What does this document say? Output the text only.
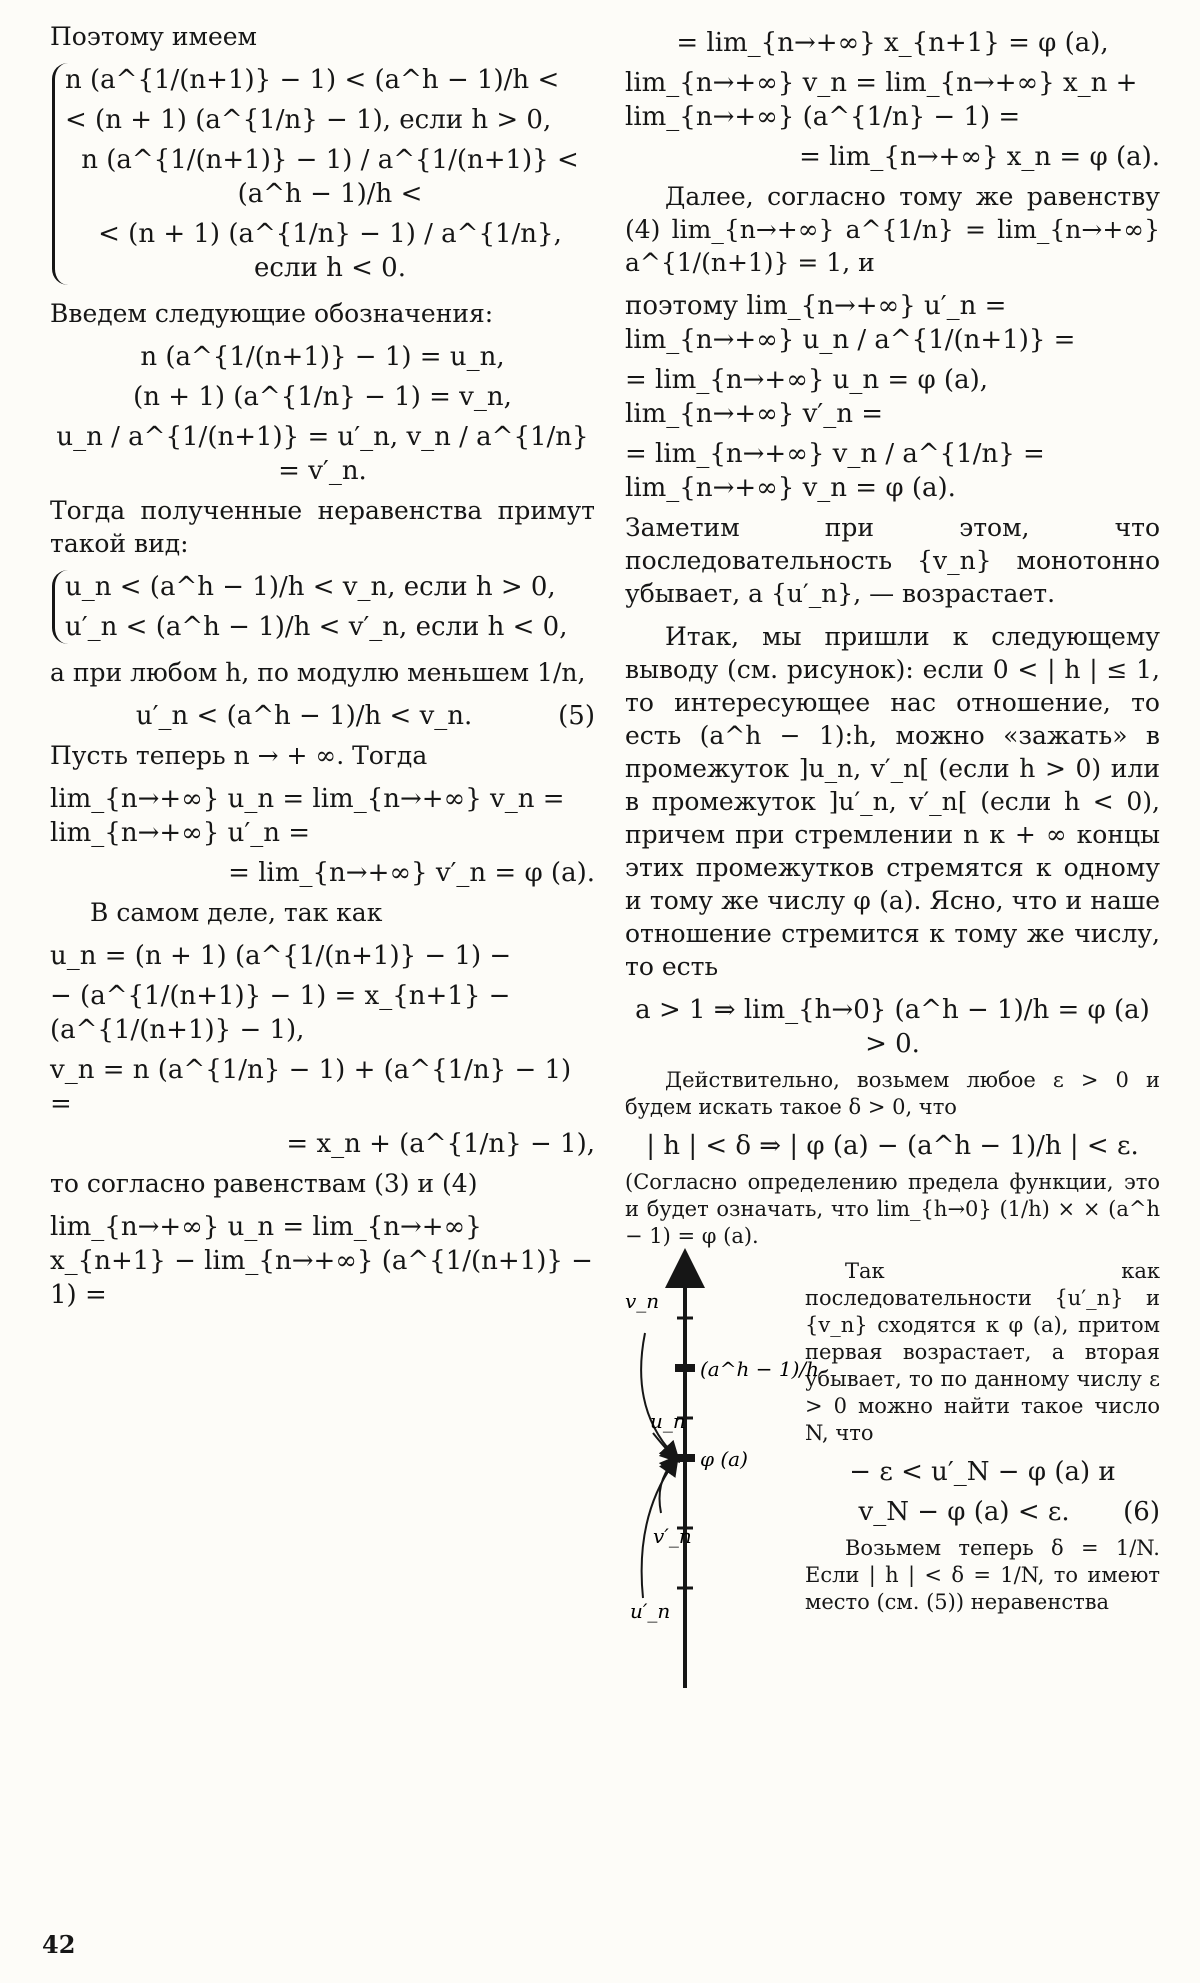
Поэтому имеем

n (a^{1/(n+1)} − 1) < (a^h − 1)/h <
< (n + 1) (a^{1/n} − 1), если h > 0,
n (a^{1/(n+1)} − 1) / a^{1/(n+1)} < (a^h − 1)/h <
< (n + 1) (a^{1/n} − 1) / a^{1/n}, если h < 0.

Введем следующие обозначения:

n (a^{1/(n+1)} − 1) = u_n,
(n + 1) (a^{1/n} − 1) = v_n,
u_n / a^{1/(n+1)} = u′_n, v_n / a^{1/n} = v′_n.

Тогда полученные неравенства примут такой вид:

u_n < (a^h − 1)/h < v_n, если h > 0,
u′_n < (a^h − 1)/h < v′_n, если h < 0,

а при любом h, по модулю меньшем 1/n,

u′_n < (a^h − 1)/h < v_n.	(5)

Пусть теперь n → + ∞. Тогда

lim_{n→+∞} u_n = lim_{n→+∞} v_n = lim_{n→+∞} u′_n =
= lim_{n→+∞} v′_n = φ (a).

В самом деле, так как

u_n = (n + 1) (a^{1/(n+1)} − 1) −
− (a^{1/(n+1)} − 1) = x_{n+1} − (a^{1/(n+1)} − 1),
v_n = n (a^{1/n} − 1) + (a^{1/n} − 1) =
= x_n + (a^{1/n} − 1),

то согласно равенствам (3) и (4)

lim_{n→+∞} u_n = lim_{n→+∞} x_{n+1} − lim_{n→+∞} (a^{1/(n+1)} − 1) =
= lim_{n→+∞} x_{n+1} = φ (a),
lim_{n→+∞} v_n = lim_{n→+∞} x_n + lim_{n→+∞} (a^{1/n} − 1) =
= lim_{n→+∞} x_n = φ (a).

Далее, согласно тому же равенству (4) lim_{n→+∞} a^{1/n} = lim_{n→+∞} a^{1/(n+1)} = 1, и

поэтому lim_{n→+∞} u′_n = lim_{n→+∞} u_n / a^{1/(n+1)} =
= lim_{n→+∞} u_n = φ (a), lim_{n→+∞} v′_n =
= lim_{n→+∞} v_n / a^{1/n} = lim_{n→+∞} v_n = φ (a).

Заметим при этом, что последовательность {v_n} монотонно убывает, а {u′_n}, — возрастает.

Итак, мы пришли к следующему выводу (см. рисунок): если 0 < | h | ≤ 1, то интересующее нас отношение, то есть (a^h − 1):h, можно «зажать» в промежуток ]u_n, v′_n[ (если h > 0) или в промежуток ]u′_n, v′_n[ (если h < 0), причем при стремлении n к + ∞ концы этих промежутков стремятся к одному и тому же числу φ (a). Ясно, что и наше отношение стремится к тому же числу, то есть

a > 1 ⇒ lim_{h→0} (a^h − 1)/h = φ (a) > 0.

Действительно, возьмем любое ε > 0 и будем искать такое δ > 0, что

| h | < δ ⇒ | φ (a) − (a^h − 1)/h | < ε.

(Согласно определению предела функции, это и будет означать, что lim_{h→0} (1/h) × × (a^h − 1) = φ (a).

Так как последовательности {u′_n} и {v_n} сходятся к φ (a), притом первая возрастает, а вторая убывает, то по данному числу ε > 0 можно найти такое число N, что

− ε < u′_N − φ (a) и
v_N − φ (a) < ε. (6)

Возьмем теперь δ = 1/N. Если | h | < δ = 1/N, то имеют место (см. (5)) неравенства

v_n
(a^h − 1)/h
u_n
φ (a)
v′_n
u′_n
42
